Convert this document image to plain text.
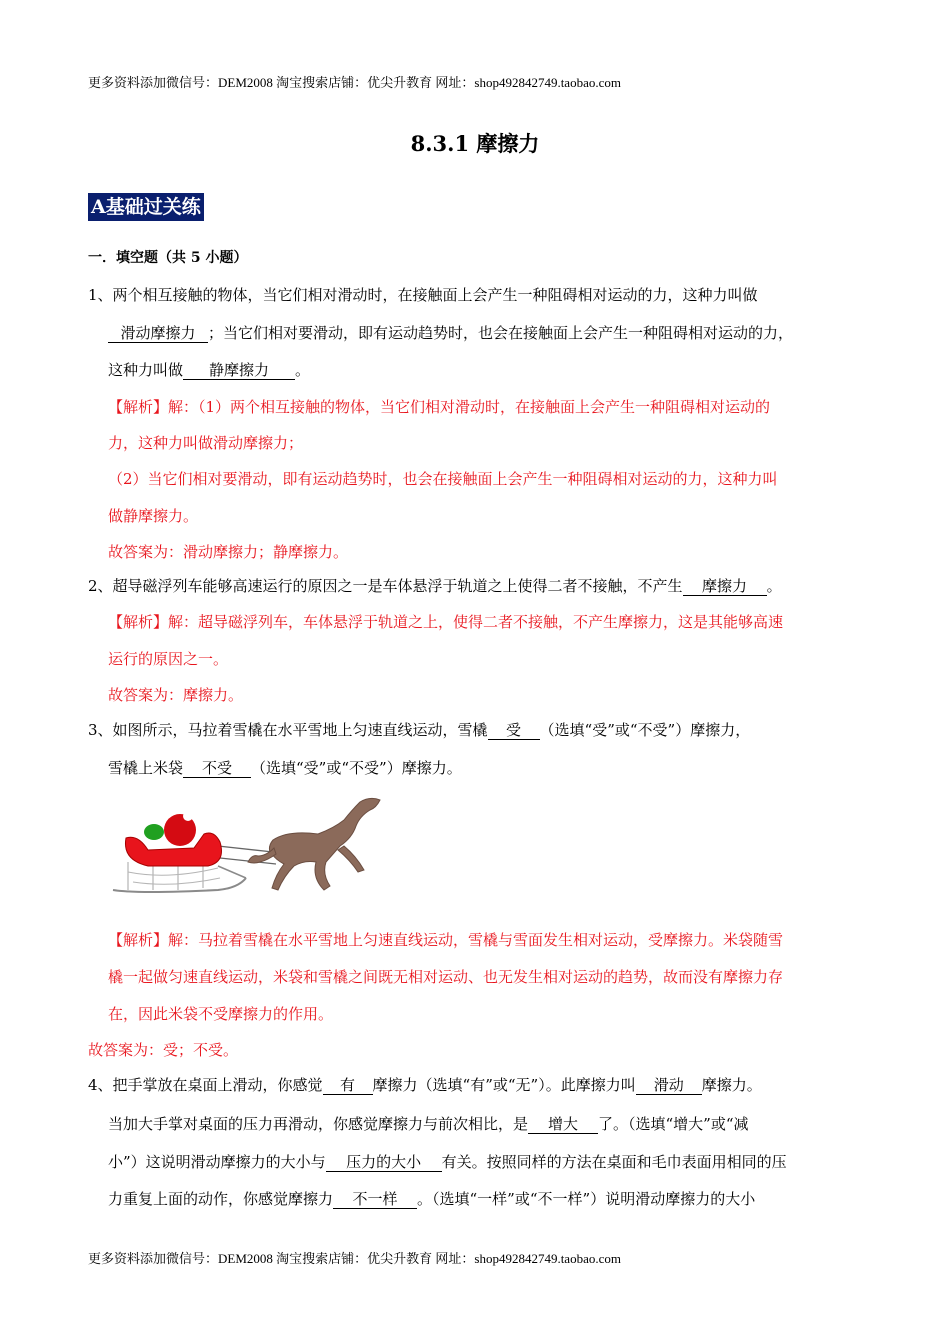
更多资料添加微信号：DEM2008 淘宝搜索店铺：优尖升教育 网址：shop492842749.taobao.com
8.3.1 摩擦力
A基础过关练
一．填空题（共 5 小题）
1、两个相互接触的物体，当它们相对滑动时，在接触面上会产生一种阻碍相对运动的力，这种力叫做
滑动摩擦力 ；当它们相对要滑动，即有运动趋势时，也会在接触面上会产生一种阻碍相对运动的力，
这种力叫做 静摩擦力 。
【解析】解：（1）两个相互接触的物体，当它们相对滑动时，在接触面上会产生一种阻碍相对运动的
力，这种力叫做滑动摩擦力；
（2）当它们相对要滑动，即有运动趋势时，也会在接触面上会产生一种阻碍相对运动的力，这种力叫
做静摩擦力。
故答案为：滑动摩擦力；静摩擦力。
2、超导磁浮列车能够高速运行的原因之一是车体悬浮于轨道之上使得二者不接触，不产生 摩擦力 。
【解析】解：超导磁浮列车，车体悬浮于轨道之上，使得二者不接触，不产生摩擦力，这是其能够高速
运行的原因之一。
故答案为：摩擦力。
3、如图所示，马拉着雪橇在水平雪地上匀速直线运动，雪橇 受 （选填“受”或“不受”）摩擦力，
雪橇上米袋 不受 （选填“受”或“不受”）摩擦力。
【解析】解：马拉着雪橇在水平雪地上匀速直线运动，雪橇与雪面发生相对运动，受摩擦力。米袋随雪
橇一起做匀速直线运动，米袋和雪橇之间既无相对运动、也无发生相对运动的趋势，故而没有摩擦力存
在，因此米袋不受摩擦力的作用。
故答案为：受；不受。
4、把手掌放在桌面上滑动，你感觉 有 摩擦力（选填“有”或“无”）。此摩擦力叫 滑动 摩擦力。
当加大手掌对桌面的压力再滑动，你感觉摩擦力与前次相比，是 增大 了。（选填“增大”或“减
小”）这说明滑动摩擦力的大小与 压力的大小 有关。按照同样的方法在桌面和毛巾表面用相同的压
力重复上面的动作，你感觉摩擦力 不一样 。（选填“一样”或“不一样”）说明滑动摩擦力的大小
更多资料添加微信号：DEM2008 淘宝搜索店铺：优尖升教育 网址：shop492842749.taobao.com
